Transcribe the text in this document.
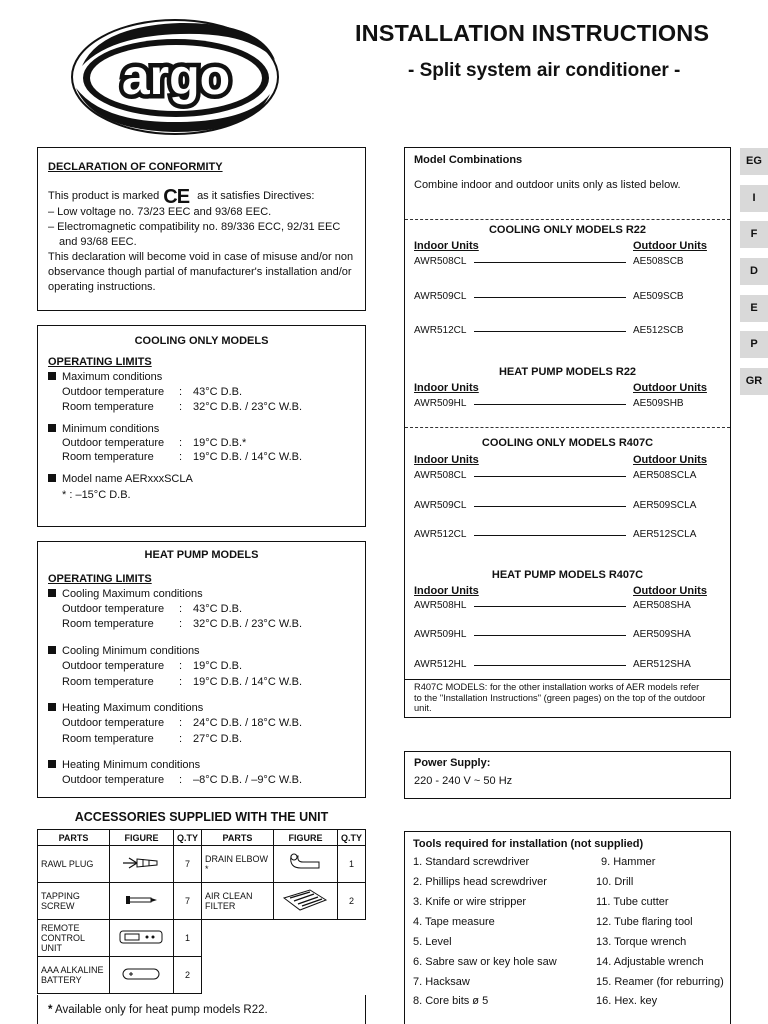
argo
INSTALLATION INSTRUCTIONS
- Split system air conditioner -
DECLARATION OF CONFORMITY
This product is marked CE as it satisfies Directives:
– Low voltage no. 73/23 EEC and 93/68 EEC.
– Electromagnetic compatibility no. 89/336 ECC, 92/31 EEC
and 93/68 EEC.
This declaration will become void in case of misuse and/or non
observance though partial of manufacturer's installation and/or
operating instructions.
COOLING ONLY MODELS
OPERATING LIMITS
Maximum conditions
Outdoor temperature : 43°C D.B.
Room temperature : 32°C D.B. / 23°C W.B.
Minimum conditions
Outdoor temperature : 19°C D.B.*
Room temperature : 19°C D.B. / 14°C W.B.
Model name AERxxxSCLA
* : –15°C D.B.
HEAT PUMP MODELS
OPERATING LIMITS
Cooling Maximum conditions
Outdoor temperature : 43°C D.B.
Room temperature : 32°C D.B. / 23°C W.B.
Cooling Minimum conditions
Outdoor temperature : 19°C D.B.
Room temperature : 19°C D.B. / 14°C W.B.
Heating Maximum conditions
Outdoor temperature : 24°C D.B. / 18°C W.B.
Room temperature : 27°C D.B.
Heating Minimum conditions
Outdoor temperature : –8°C D.B. / –9°C W.B.
ACCESSORIES SUPPLIED WITH THE UNIT
PARTS	FIGURE	Q.TY	PARTS	FIGURE	Q.TY
RAWL PLUG		7	DRAIN ELBOW *		1
TAPPING SCREW		7	AIR CLEAN FILTER		2
REMOTE CONTROL UNIT		1			
AAA ALKALINE BATTERY		2			
* Available only for heat pump models R22.
Model Combinations
Combine indoor and outdoor units only as listed below.
COOLING ONLY MODELS R22
Indoor Units	Outdoor Units
AWR508CL	AE508SCB
AWR509CL	AE509SCB
AWR512CL	AE512SCB
HEAT PUMP MODELS R22
Indoor Units	Outdoor Units
AWR509HL	AE509SHB
COOLING ONLY MODELS R407C
Indoor Units	Outdoor Units
AWR508CL	AER508SCLA
AWR509CL	AER509SCLA
AWR512CL	AER512SCLA
HEAT PUMP MODELS R407C
Indoor Units	Outdoor Units
AWR508HL	AER508SHA
AWR509HL	AER509SHA
AWR512HL	AER512SHA
R407C MODELS: for the other installation works of AER models refer
to the "Installation Instructions" (green pages) on the top of the outdoor
unit.
EG
I
F
D
E
P
GR
Power Supply:
220 - 240 V ~ 50 Hz
Tools required for installation (not supplied)
1. Standard screwdriver
2. Phillips head screwdriver
3. Knife or wire stripper
4. Tape measure
5. Level
6. Sabre saw or key hole saw
7. Hacksaw
8. Core bits ø 5
9. Hammer
10. Drill
11. Tube cutter
12. Tube flaring tool
13. Torque wrench
14. Adjustable wrench
15. Reamer (for reburring)
16. Hex. key
